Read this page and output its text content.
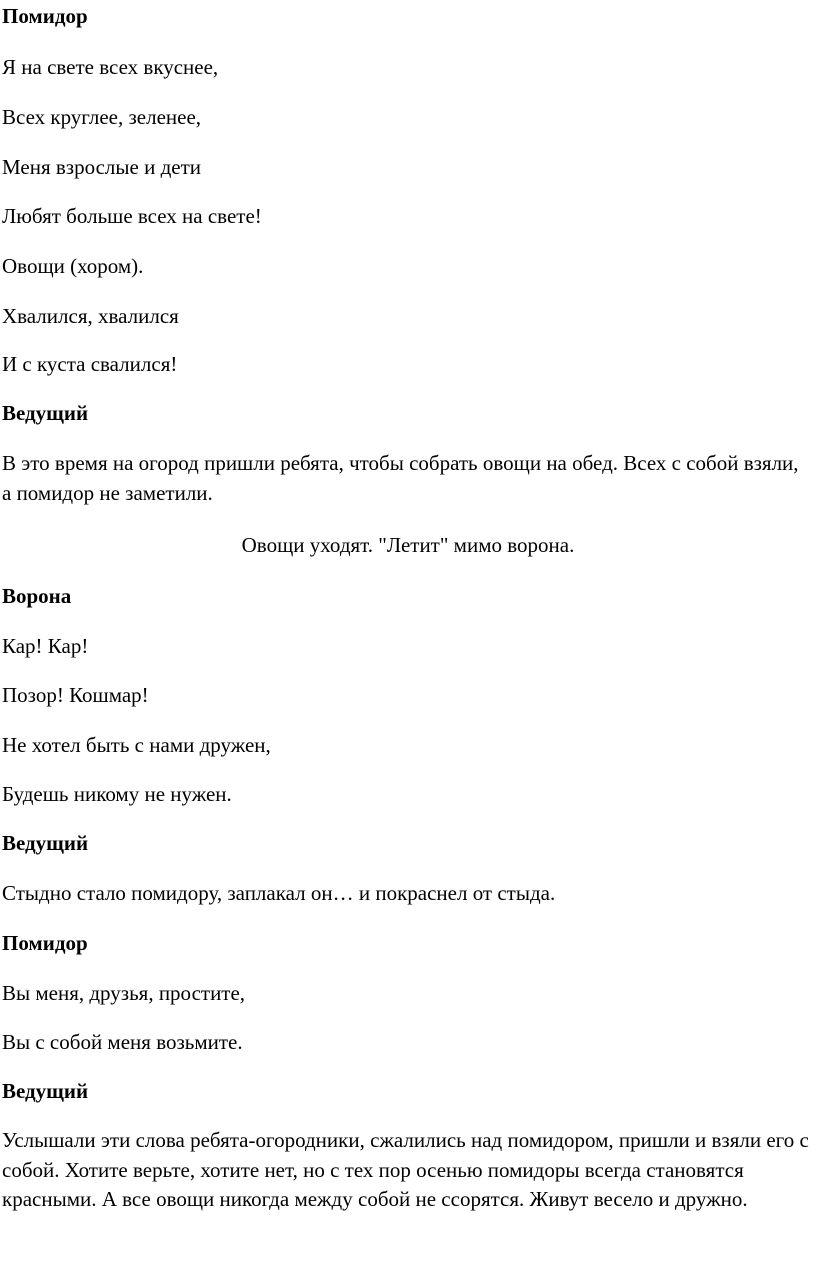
Помидор
Я на свете всех вкуснее,
Всех круглее, зеленее,
Меня взрослые и дети
Любят больше всех на свете!
Овощи (хором).
Хвалился, хвалился
И с куста свалился!
Ведущий
В это время на огород пришли ребята, чтобы собрать овощи на обед. Всех с собой взяли, а помидор не заметили.
Овощи уходят. "Летит" мимо ворона.
Ворона
Кар! Кар!
Позор! Кошмар!
Не хотел быть с нами дружен,
Будешь никому не нужен.
Ведущий
Стыдно стало помидору, заплакал он… и покраснел от стыда.
Помидор
Вы меня, друзья, простите,
Вы с собой меня возьмите.
Ведущий
Услышали эти слова ребята-огородники, сжалились над помидором, пришли и взяли его с собой. Хотите верьте, хотите нет, но с тех пор осенью помидоры всегда становятся красными. А все овощи никогда между собой не ссорятся. Живут весело и дружно.
